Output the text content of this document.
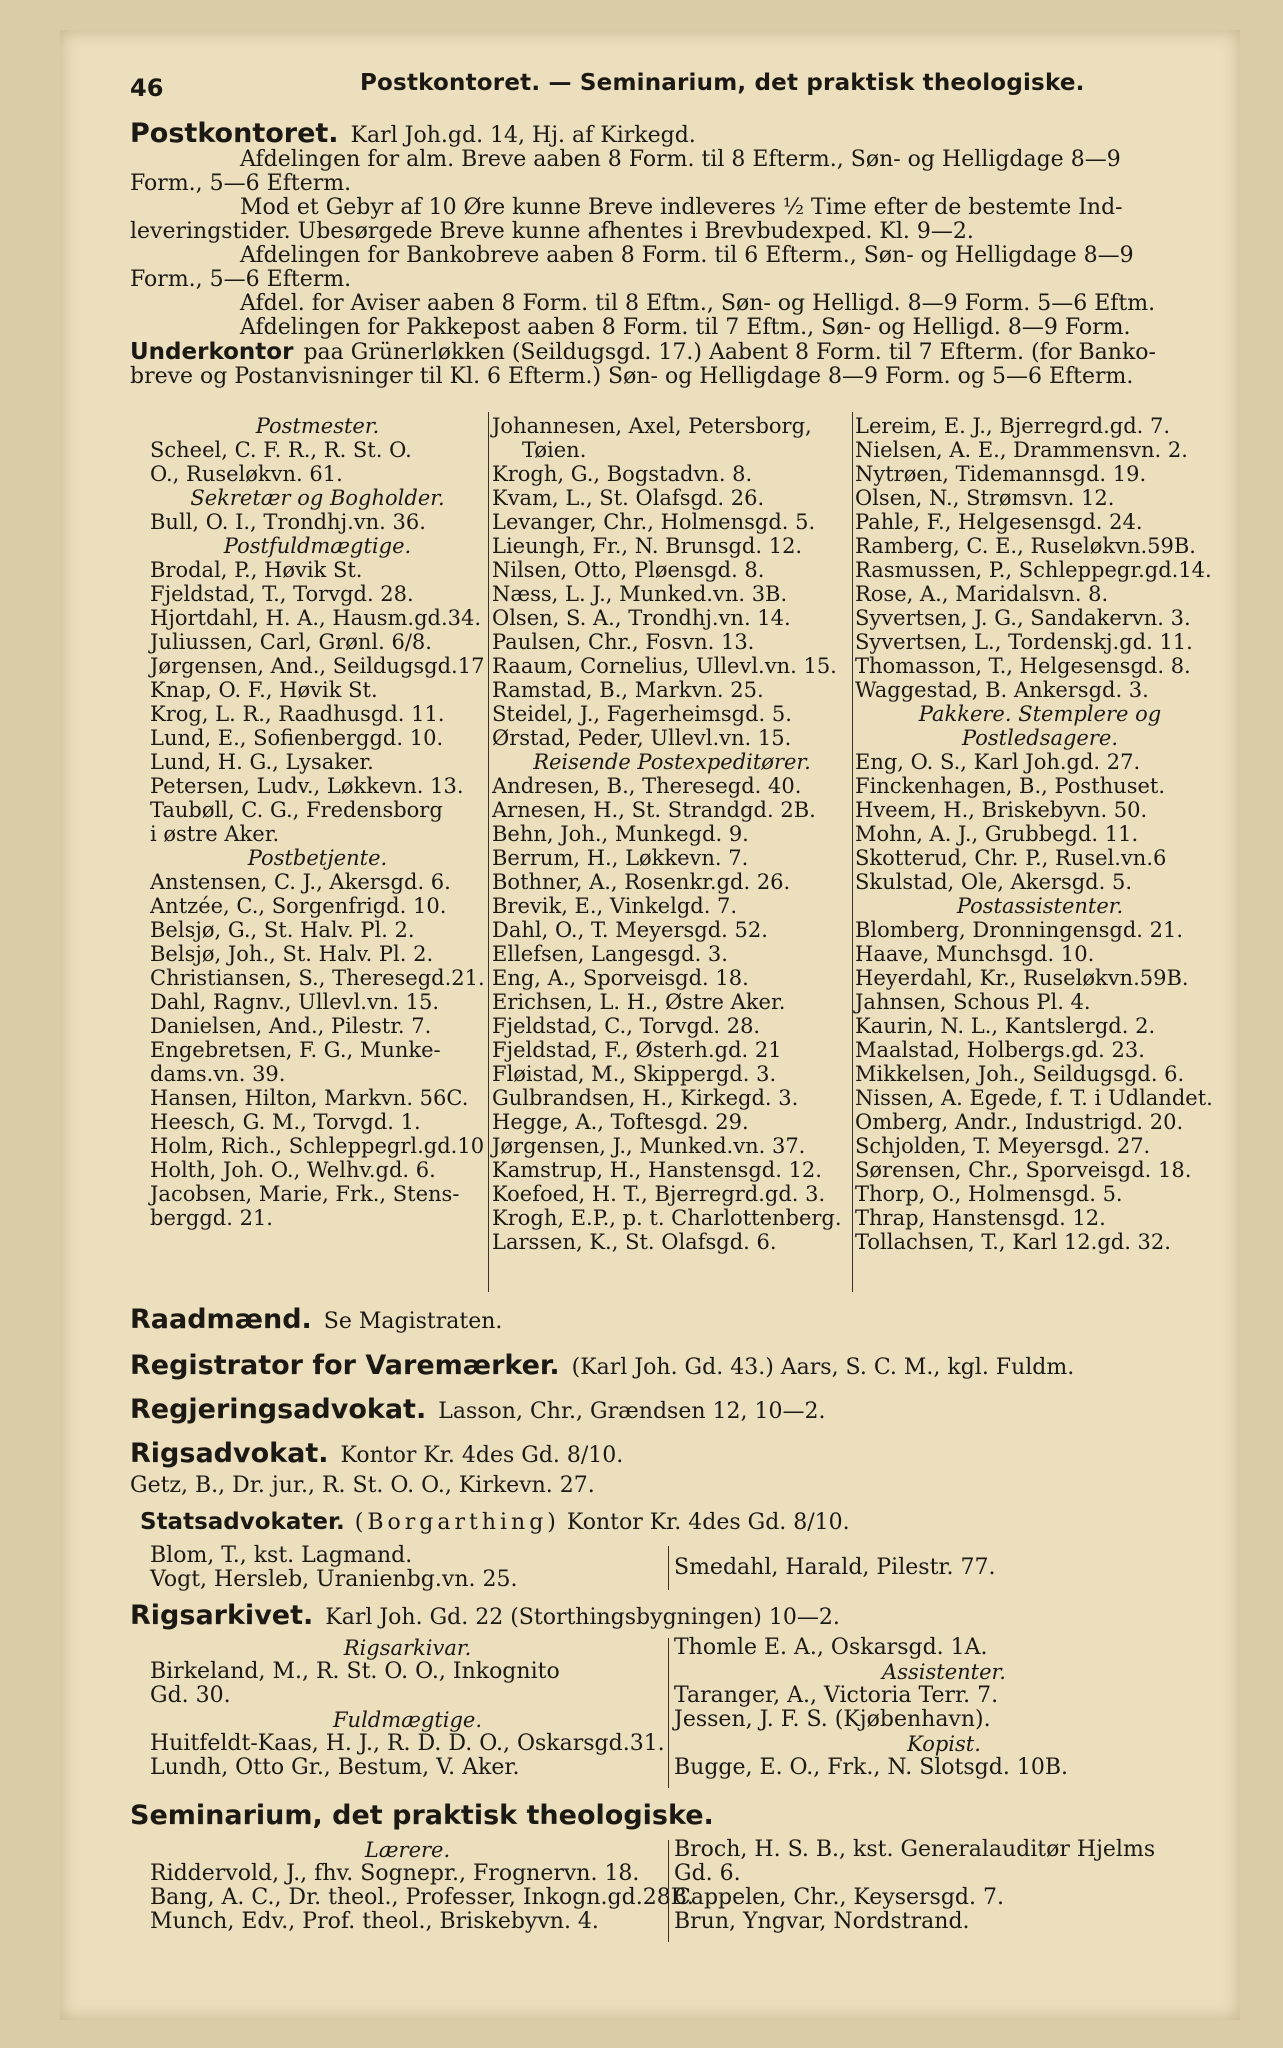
46	Postkontoret. — Seminarium, det praktisk theologiske.
Postkontoret. Karl Joh.gd. 14, Hj. af Kirkegd.
Afdelingen for alm. Breve aaben 8 Form. til 8 Efterm., Søn- og Helligdage 8—9
Form., 5—6 Efterm.
Mod et Gebyr af 10 Øre kunne Breve indleveres ½ Time efter de bestemte Ind-
leveringstider. Ubesørgede Breve kunne afhentes i Brevbudexped. Kl. 9—2.
Afdelingen for Bankobreve aaben 8 Form. til 6 Efterm., Søn- og Helligdage 8—9
Form., 5—6 Efterm.
Afdel. for Aviser aaben 8 Form. til 8 Eftm., Søn- og Helligd. 8—9 Form. 5—6 Eftm.
Afdelingen for Pakkepost aaben 8 Form. til 7 Eftm., Søn- og Helligd. 8—9 Form.
Underkontor paa Grünerløkken (Seildugsgd. 17.) Aabent 8 Form. til 7 Efterm. (for Banko-
breve og Postanvisninger til Kl. 6 Efterm.) Søn- og Helligdage 8—9 Form. og 5—6 Efterm.
Postmester.
Scheel, C. F. R., R. St. O.
O., Ruseløkvn. 61.
Sekretær og Bogholder.
Bull, O. I., Trondhj.vn. 36.
Postfuldmægtige.
Brodal, P., Høvik St.
Fjeldstad, T., Torvgd. 28.
Hjortdahl, H. A., Hausm.gd.34.
Juliussen, Carl, Grønl. 6/8.
Jørgensen, And., Seildugsgd.17
Knap, O. F., Høvik St.
Krog, L. R., Raadhusgd. 11.
Lund, E., Sofienberggd. 10.
Lund, H. G., Lysaker.
Petersen, Ludv., Løkkevn. 13.
Taubøll, C. G., Fredensborg
i østre Aker.
Postbetjente.
Anstensen, C. J., Akersgd. 6.
Antzée, C., Sorgenfrigd. 10.
Belsjø, G., St. Halv. Pl. 2.
Belsjø, Joh., St. Halv. Pl. 2.
Christiansen, S., Theresegd.21.
Dahl, Ragnv., Ullevl.vn. 15.
Danielsen, And., Pilestr. 7.
Engebretsen, F. G., Munke-
dams.vn. 39.
Hansen, Hilton, Markvn. 56C.
Heesch, G. M., Torvgd. 1.
Holm, Rich., Schleppegrl.gd.10
Holth, Joh. O., Welhv.gd. 6.
Jacobsen, Marie, Frk., Stens-
berggd. 21.
Johannesen, Axel, Petersborg,
Tøien.
Krogh, G., Bogstadvn. 8.
Kvam, L., St. Olafsgd. 26.
Levanger, Chr., Holmensgd. 5.
Lieungh, Fr., N. Brunsgd. 12.
Nilsen, Otto, Pløensgd. 8.
Næss, L. J., Munked.vn. 3B.
Olsen, S. A., Trondhj.vn. 14.
Paulsen, Chr., Fosvn. 13.
Raaum, Cornelius, Ullevl.vn. 15.
Ramstad, B., Markvn. 25.
Steidel, J., Fagerheimsgd. 5.
Ørstad, Peder, Ullevl.vn. 15.
Reisende Postexpeditører.
Andresen, B., Theresegd. 40.
Arnesen, H., St. Strandgd. 2B.
Behn, Joh., Munkegd. 9.
Berrum, H., Løkkevn. 7.
Bothner, A., Rosenkr.gd. 26.
Brevik, E., Vinkelgd. 7.
Dahl, O., T. Meyersgd. 52.
Ellefsen, Langesgd. 3.
Eng, A., Sporveisgd. 18.
Erichsen, L. H., Østre Aker.
Fjeldstad, C., Torvgd. 28.
Fjeldstad, F., Østerh.gd. 21
Fløistad, M., Skippergd. 3.
Gulbrandsen, H., Kirkegd. 3.
Hegge, A., Toftesgd. 29.
Jørgensen, J., Munked.vn. 37.
Kamstrup, H., Hanstensgd. 12.
Koefoed, H. T., Bjerregrd.gd. 3.
Krogh, E.P., p. t. Charlottenberg.
Larssen, K., St. Olafsgd. 6.
Lereim, E. J., Bjerregrd.gd. 7.
Nielsen, A. E., Drammensvn. 2.
Nytrøen, Tidemannsgd. 19.
Olsen, N., Strømsvn. 12.
Pahle, F., Helgesensgd. 24.
Ramberg, C. E., Ruseløkvn.59B.
Rasmussen, P., Schleppegr.gd.14.
Rose, A., Maridalsvn. 8.
Syvertsen, J. G., Sandakervn. 3.
Syvertsen, L., Tordenskj.gd. 11.
Thomasson, T., Helgesensgd. 8.
Waggestad, B. Ankersgd. 3.
Pakkere. Stemplere og
Postledsagere.
Eng, O. S., Karl Joh.gd. 27.
Finckenhagen, B., Posthuset.
Hveem, H., Briskebyvn. 50.
Mohn, A. J., Grubbegd. 11.
Skotterud, Chr. P., Rusel.vn.6
Skulstad, Ole, Akersgd. 5.
Postassistenter.
Blomberg, Dronningensgd. 21.
Haave, Munchsgd. 10.
Heyerdahl, Kr., Ruseløkvn.59B.
Jahnsen, Schous Pl. 4.
Kaurin, N. L., Kantslergd. 2.
Maalstad, Holbergs.gd. 23.
Mikkelsen, Joh., Seildugsgd. 6.
Nissen, A. Egede, f. T. i Udlandet.
Omberg, Andr., Industrigd. 20.
Schjolden, T. Meyersgd. 27.
Sørensen, Chr., Sporveisgd. 18.
Thorp, O., Holmensgd. 5.
Thrap, Hanstensgd. 12.
Tollachsen, T., Karl 12.gd. 32.
Raadmænd. Se Magistraten.
Registrator for Varemærker. (Karl Joh. Gd. 43.) Aars, S. C. M., kgl. Fuldm.
Regjeringsadvokat. Lasson, Chr., Grændsen 12, 10—2.
Rigsadvokat. Kontor Kr. 4des Gd. 8/10.
Getz, B., Dr. jur., R. St. O. O., Kirkevn. 27.
Statsadvokater. (Borgarthing) Kontor Kr. 4des Gd. 8/10.
Blom, T., kst. Lagmand.
Vogt, Hersleb, Uranienbg.vn. 25.	Smedahl, Harald, Pilestr. 77.
Rigsarkivet. Karl Joh. Gd. 22 (Storthingsbygningen) 10—2.
Rigsarkivar.
Birkeland, M., R. St. O. O., Inkognito
Gd. 30.
Fuldmægtige.
Huitfeldt-Kaas, H. J., R. D. D. O., Oskarsgd.31.
Lundh, Otto Gr., Bestum, V. Aker.
Thomle E. A., Oskarsgd. 1A.
Assistenter.
Taranger, A., Victoria Terr. 7.
Jessen, J. F. S. (Kjøbenhavn).
Kopist.
Bugge, E. O., Frk., N. Slotsgd. 10B.
Seminarium, det praktisk theologiske.
Lærere.
Riddervold, J., fhv. Sognepr., Frognervn. 18.
Bang, A. C., Dr. theol., Professer, Inkogn.gd.28B.
Munch, Edv., Prof. theol., Briskebyvn. 4.
Broch, H. S. B., kst. Generalauditør Hjelms
Gd. 6.
Cappelen, Chr., Keysersgd. 7.
Brun, Yngvar, Nordstrand.
